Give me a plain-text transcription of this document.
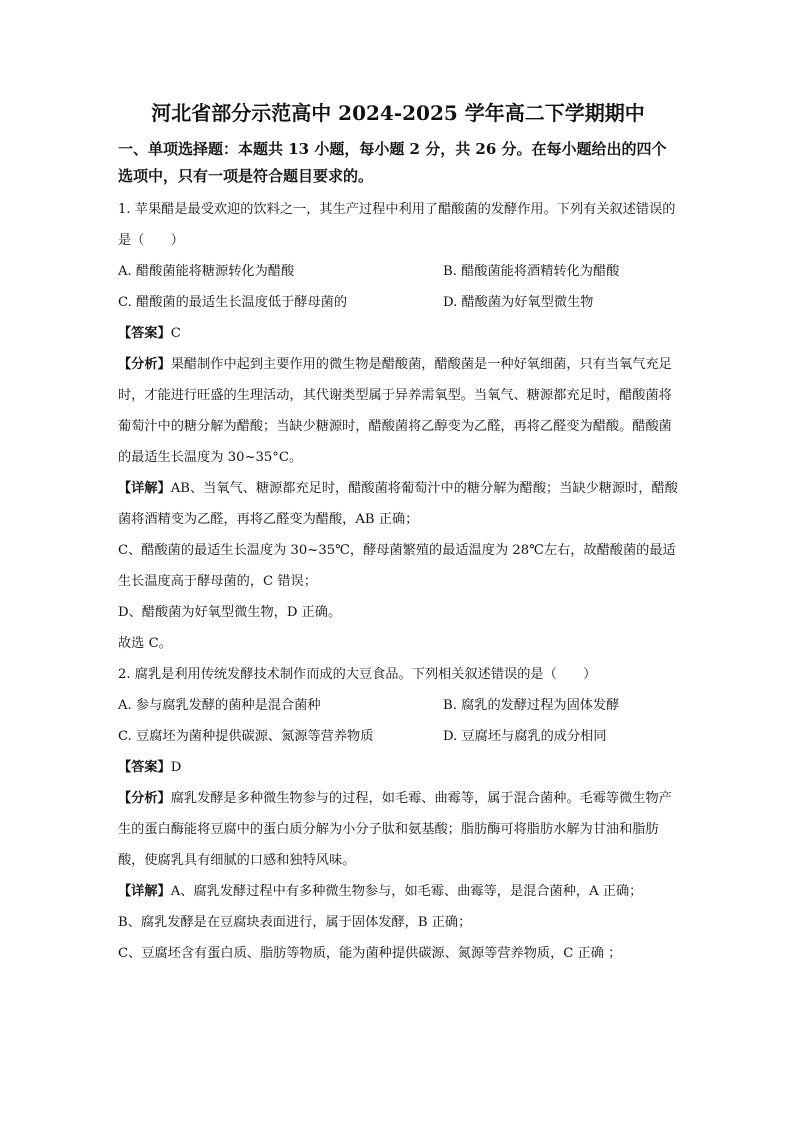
河北省部分示范高中 2024-2025 学年高二下学期期中
一、单项选择题：本题共 13 小题，每小题 2 分，共 26 分。在每小题给出的四个选项中，只有一项是符合题目要求的。

1. 苹果醋是最受欢迎的饮料之一，其生产过程中利用了醋酸菌的发酵作用。下列有关叙述错误的是（　　）

A. 醋酸菌能将糖源转化为醋酸	B. 醋酸菌能将酒精转化为醋酸
C. 醋酸菌的最适生长温度低于酵母菌的	D. 醋酸菌为好氧型微生物

【答案】C

【分析】果醋制作中起到主要作用的微生物是醋酸菌，醋酸菌是一种好氧细菌，只有当氧气充足时，才能进行旺盛的生理活动，其代谢类型属于异养需氧型。当氧气、糖源都充足时，醋酸菌将葡萄汁中的糖分解为醋酸；当缺少糖源时，醋酸菌将乙醇变为乙醛，再将乙醛变为醋酸。醋酸菌的最适生长温度为 30~35°C。

【详解】AB、当氧气、糖源都充足时，醋酸菌将葡萄汁中的糖分解为醋酸；当缺少糖源时，醋酸菌将酒精变为乙醛，再将乙醛变为醋酸，AB 正确；

C、醋酸菌的最适生长温度为 30~35℃，酵母菌繁殖的最适温度为 28℃左右，故醋酸菌的最适生长温度高于酵母菌的，C 错误；

D、醋酸菌为好氧型微生物，D 正确。

故选 C。

2. 腐乳是利用传统发酵技术制作而成的大豆食品。下列相关叙述错误的是（　　）

A. 参与腐乳发酵的菌种是混合菌种	B. 腐乳的发酵过程为固体发酵
C. 豆腐坯为菌种提供碳源、氮源等营养物质	D. 豆腐坯与腐乳的成分相同

【答案】D

【分析】腐乳发酵是多种微生物参与的过程，如毛霉、曲霉等，属于混合菌种。毛霉等微生物产生的蛋白酶能将豆腐中的蛋白质分解为小分子肽和氨基酸；脂肪酶可将脂肪水解为甘油和脂肪酸，使腐乳具有细腻的口感和独特风味。

【详解】A、腐乳发酵过程中有多种微生物参与，如毛霉、曲霉等，是混合菌种，A 正确；

B、腐乳发酵是在豆腐块表面进行，属于固体发酵，B 正确；

C、豆腐坯含有蛋白质、脂肪等物质，能为菌种提供碳源、氮源等营养物质，C 正确 ；
